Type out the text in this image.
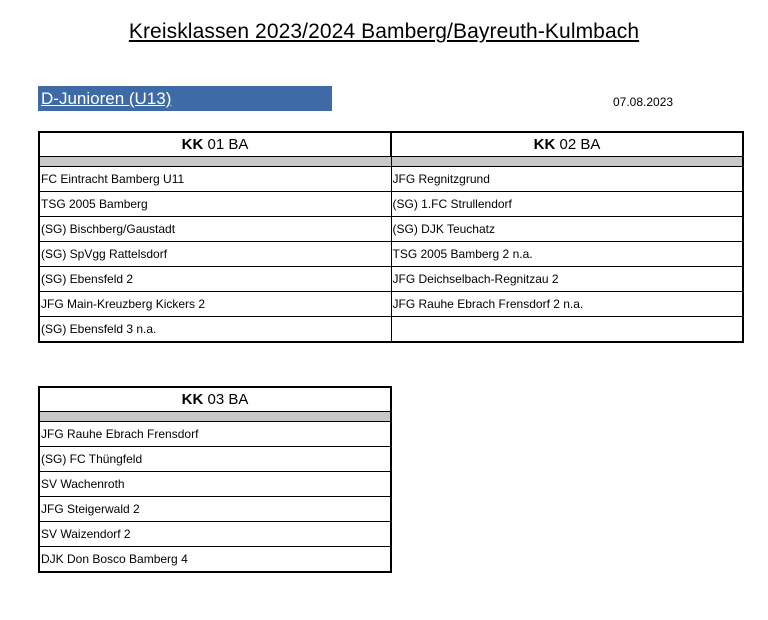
Kreisklassen 2023/2024 Bamberg/Bayreuth-Kulmbach
D-Junioren (U13)	07.08.2023
KK 01 BA	KK 02 BA

FC Eintracht Bamberg U11	JFG Regnitzgrund
TSG 2005 Bamberg	(SG) 1.FC Strullendorf
(SG) Bischberg/Gaustadt	(SG) DJK Teuchatz
(SG) SpVgg Rattelsdorf	TSG 2005 Bamberg 2 n.a.
(SG) Ebensfeld 2	JFG Deichselbach-Regnitzau 2
JFG Main-Kreuzberg Kickers 2	JFG Rauhe Ebrach Frensdorf 2 n.a.
(SG) Ebensfeld 3 n.a.	
KK 03 BA

JFG Rauhe Ebrach Frensdorf
(SG) FC Thüngfeld
SV Wachenroth
JFG Steigerwald 2
SV Waizendorf 2
DJK Don Bosco Bamberg 4
